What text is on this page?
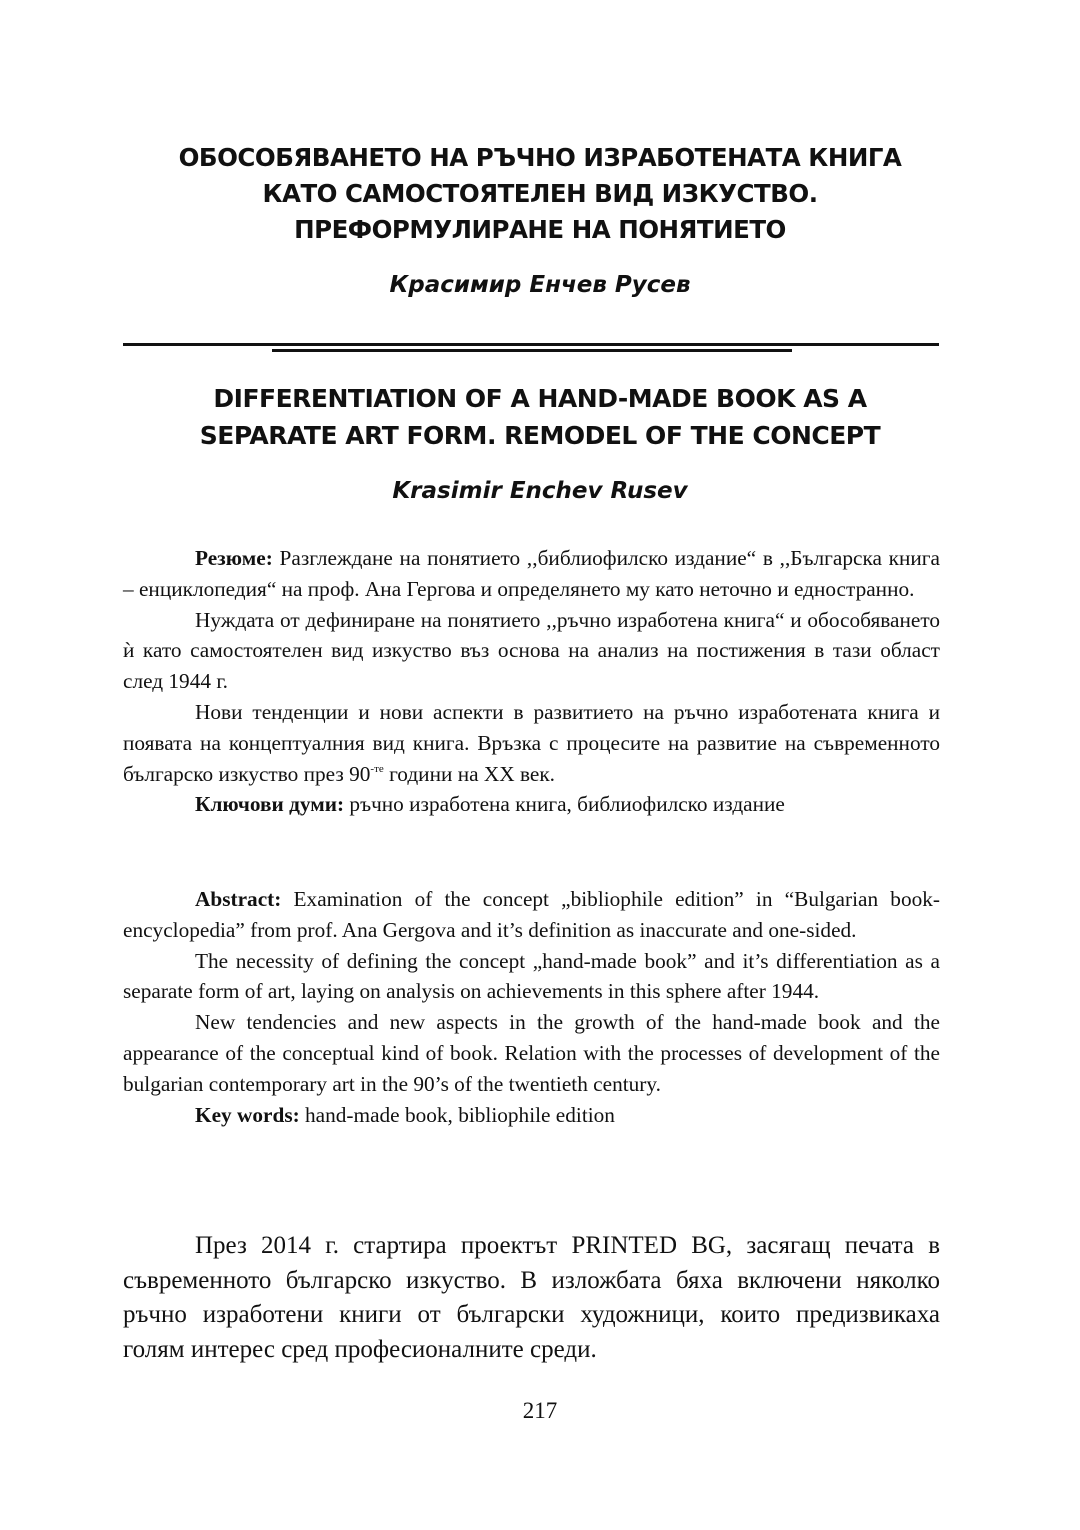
ОБОСОБЯВАНЕТО НА РЪЧНО ИЗРАБОТЕНАТА КНИГА
КАТО САМОСТОЯТЕЛЕН ВИД ИЗКУСТВО.
ПРЕФОРМУЛИРАНЕ НА ПОНЯТИЕТО
Красимир Енчев Русев
DIFFERENTIATION OF A HAND-MADE BOOK AS A
SEPARATE ART FORM. REMODEL OF THE CONCEPT
Krasimir Enchev Rusev

Резюме: Разглеждане на понятието ,,библиофилско издание“ в ,,Българска книга – енциклопедия“ на проф. Ана Гергова и определянето му като неточно и едностранно.

Нуждата от дефиниране на понятието ,,ръчно изработена книга“ и обособяването ѝ като самостоятелен вид изкуство въз основа на анализ на постижения в тази област след 1944 г.

Нови тенденции и нови аспекти в развитието на ръчно изработената книга и появата на концептуалния вид книга. Връзка с процесите на развитие на съвременното българско изкуство през $90^{-те}$ години на XX век.

Ключови думи: ръчно изработена книга, библиофилско издание

Abstract: Examination of the concept „bibliophile edition” in “Bulgarian book-encyclopedia” from prof. Ana Gergova and it’s definition as inaccurate and one-sided.

The necessity of defining the concept „hand-made book” and it’s differentiation as a separate form of art, laying on analysis on achievements in this sphere after 1944.

New tendencies and new aspects in the growth of the hand-made book and the appearance of the conceptual kind of book. Relation with the processes of development of the bulgarian contemporary art in the 90’s of the twentieth century.

Key words: hand-made book, bibliophile edition

През 2014 г. стартира проектът PRINTED BG, засягащ печата в съвременното българско изкуство. В изложбата бяха включени няколко ръчно изработени книги от български художници, които предизвикаха голям интерес сред професионалните среди.

217
